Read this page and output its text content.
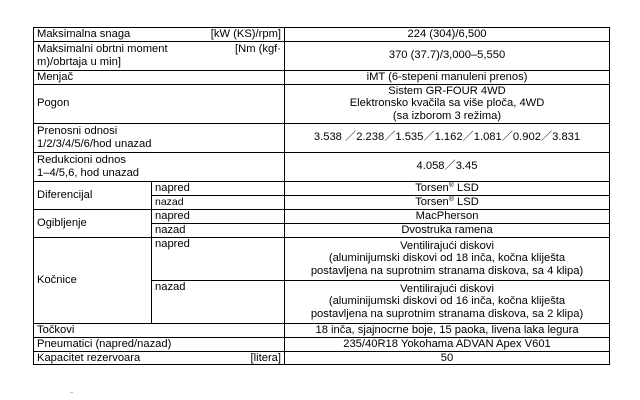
Maksimalna snaga [kW (KS)/rpm]		224 (304)/6,500

Maksimalni obrtni moment [Nm (kgf·
m)/obrtaja u min]		370 (37.7)/3,000–5,550
Menjač		iMT (6-stepeni manuleni prenos)
Pogon		Sistem GR-FOUR 4WD
Elektronsko kvačila sa više ploča, 4WD
(sa izborom 3 režima)

Prenosni odnosi
1/2/3/4/5/6/hod unazad		3.538 ／2.238／1.535／1.162／1.081／0.902／3.831

Redukcioni odnos
1–4/5,6, hod unazad		4.058／3.45
Diferencijal	napred	Torsen® LSD
	nazad	Torsen® LSD
Ogibljenje	napred	MacPherson
	nazad	Dvostruka ramena
Kočnice	napred	Ventilirajući diskovi
(aluminijumski diskovi od 18 inča, kočna kliješta
postavljena na suprotnim stranama diskova, sa 4 klipa)

	nazad	Ventilirajući diskovi
(aluminijumski diskovi od 16 inča, kočna kliješta
postavljena na suprotnim stranama diskova, sa 2 klipa)

Točkovi		18 inča, sjajnocrne boje, 15 paoka, livena laka legura
Pneumatici (napred/nazad)		235/40R18 Yokohama ADVAN Apex V601

Kapacitet rezervoara [litera]		50
